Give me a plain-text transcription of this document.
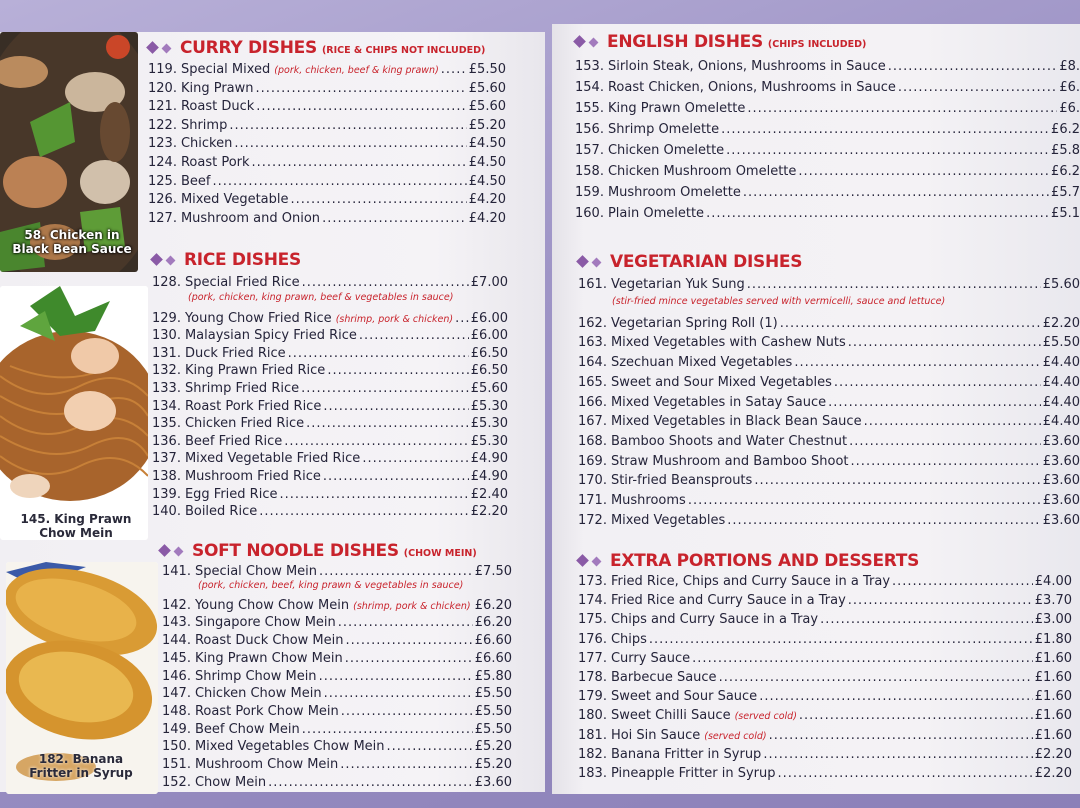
58. Chicken in Black Bean Sauce
145. King Prawn Chow Mein
182. Banana Fritter in Syrup
CURRY DISHES (RICE & CHIPS NOT INCLUDED)
119. Special Mixed (pork, chicken, beef & king prawn) ..... £5.50
120. King Prawn .....	£5.60
121. Roast Duck .....	£5.60
122. Shrimp .....	£5.20
123. Chicken .....	£4.50
124. Roast Pork .....	£4.50
125. Beef .....	£4.50
126. Mixed Vegetable .....	£4.20
127. Mushroom and Onion .....	£4.20
RICE DISHES
128. Special Fried Rice .....	£7.00
129. Young Chow Fried Rice (shrimp, pork & chicken) ..... £6.00
130. Malaysian Spicy Fried Rice .....	£6.00
131. Duck Fried Rice .....	£6.50
132. King Prawn Fried Rice .....	£6.50
133. Shrimp Fried Rice .....	£5.60
134. Roast Pork Fried Rice .....	£5.30
135. Chicken Fried Rice .....	£5.30
136. Beef Fried Rice .....	£5.30
137. Mixed Vegetable Fried Rice .....	£4.90
138. Mushroom Fried Rice .....	£4.90
139. Egg Fried Rice .....	£2.40
140. Boiled Rice .....	£2.20
(pork, chicken, king prawn, beef & vegetables in sauce)
SOFT NOODLE DISHES (CHOW MEIN)
141. Special Chow Mein .....	£7.50
142. Young Chow Chow Mein (shrimp, pork & chicken) ..... £6.20
143. Singapore Chow Mein .....	£6.20
144. Roast Duck Chow Mein .....	£6.60
145. King Prawn Chow Mein .....	£6.60
146. Shrimp Chow Mein .....	£5.80
147. Chicken Chow Mein .....	£5.50
148. Roast Pork Chow Mein .....	£5.50
149. Beef Chow Mein .....	£5.50
150. Mixed Vegetables Chow Mein .....	£5.20
151. Mushroom Chow Mein .....	£5.20
152. Chow Mein .....	£3.60
(pork, chicken, beef, king prawn & vegetables in sauce)
ENGLISH DISHES (CHIPS INCLUDED)
153. Sirloin Steak, Onions, Mushrooms in Sauce .....	£8.
154. Roast Chicken, Onions, Mushrooms in Sauce .....	£6.
155. King Prawn Omelette .....	£6.
156. Shrimp Omelette .....	£6.2
157. Chicken Omelette .....	£5.8
158. Chicken Mushroom Omelette .....	£6.2
159. Mushroom Omelette .....	£5.7
160. Plain Omelette .....	£5.1
VEGETARIAN DISHES
161. Vegetarian Yuk Sung .....	£5.60
162. Vegetarian Spring Roll (1) .....	£2.20
163. Mixed Vegetables with Cashew Nuts .....	£5.50
164. Szechuan Mixed Vegetables .....	£4.40
165. Sweet and Sour Mixed Vegetables .....	£4.40
166. Mixed Vegetables in Satay Sauce .....	£4.40
167. Mixed Vegetables in Black Bean Sauce .....	£4.40
168. Bamboo Shoots and Water Chestnut .....	£3.60
169. Straw Mushroom and Bamboo Shoot .....	£3.60
170. Stir-fried Beansprouts .....	£3.60
171. Mushrooms .....	£3.60
172. Mixed Vegetables .....	£3.60
(stir-fried mince vegetables served with vermicelli, sauce and lettuce)
EXTRA PORTIONS AND DESSERTS
173. Fried Rice, Chips and Curry Sauce in a Tray .....	£4.00
174. Fried Rice and Curry Sauce in a Tray .....	£3.70
175. Chips and Curry Sauce in a Tray .....	£3.00
176. Chips .....	£1.80
177. Curry Sauce .....	£1.60
178. Barbecue Sauce .....	£1.60
179. Sweet and Sour Sauce .....	£1.60
180. Sweet Chilli Sauce (served cold) .....	£1.60
181. Hoi Sin Sauce (served cold) .....	£1.60
182. Banana Fritter in Syrup .....	£2.20
183. Pineapple Fritter in Syrup .....	£2.20
